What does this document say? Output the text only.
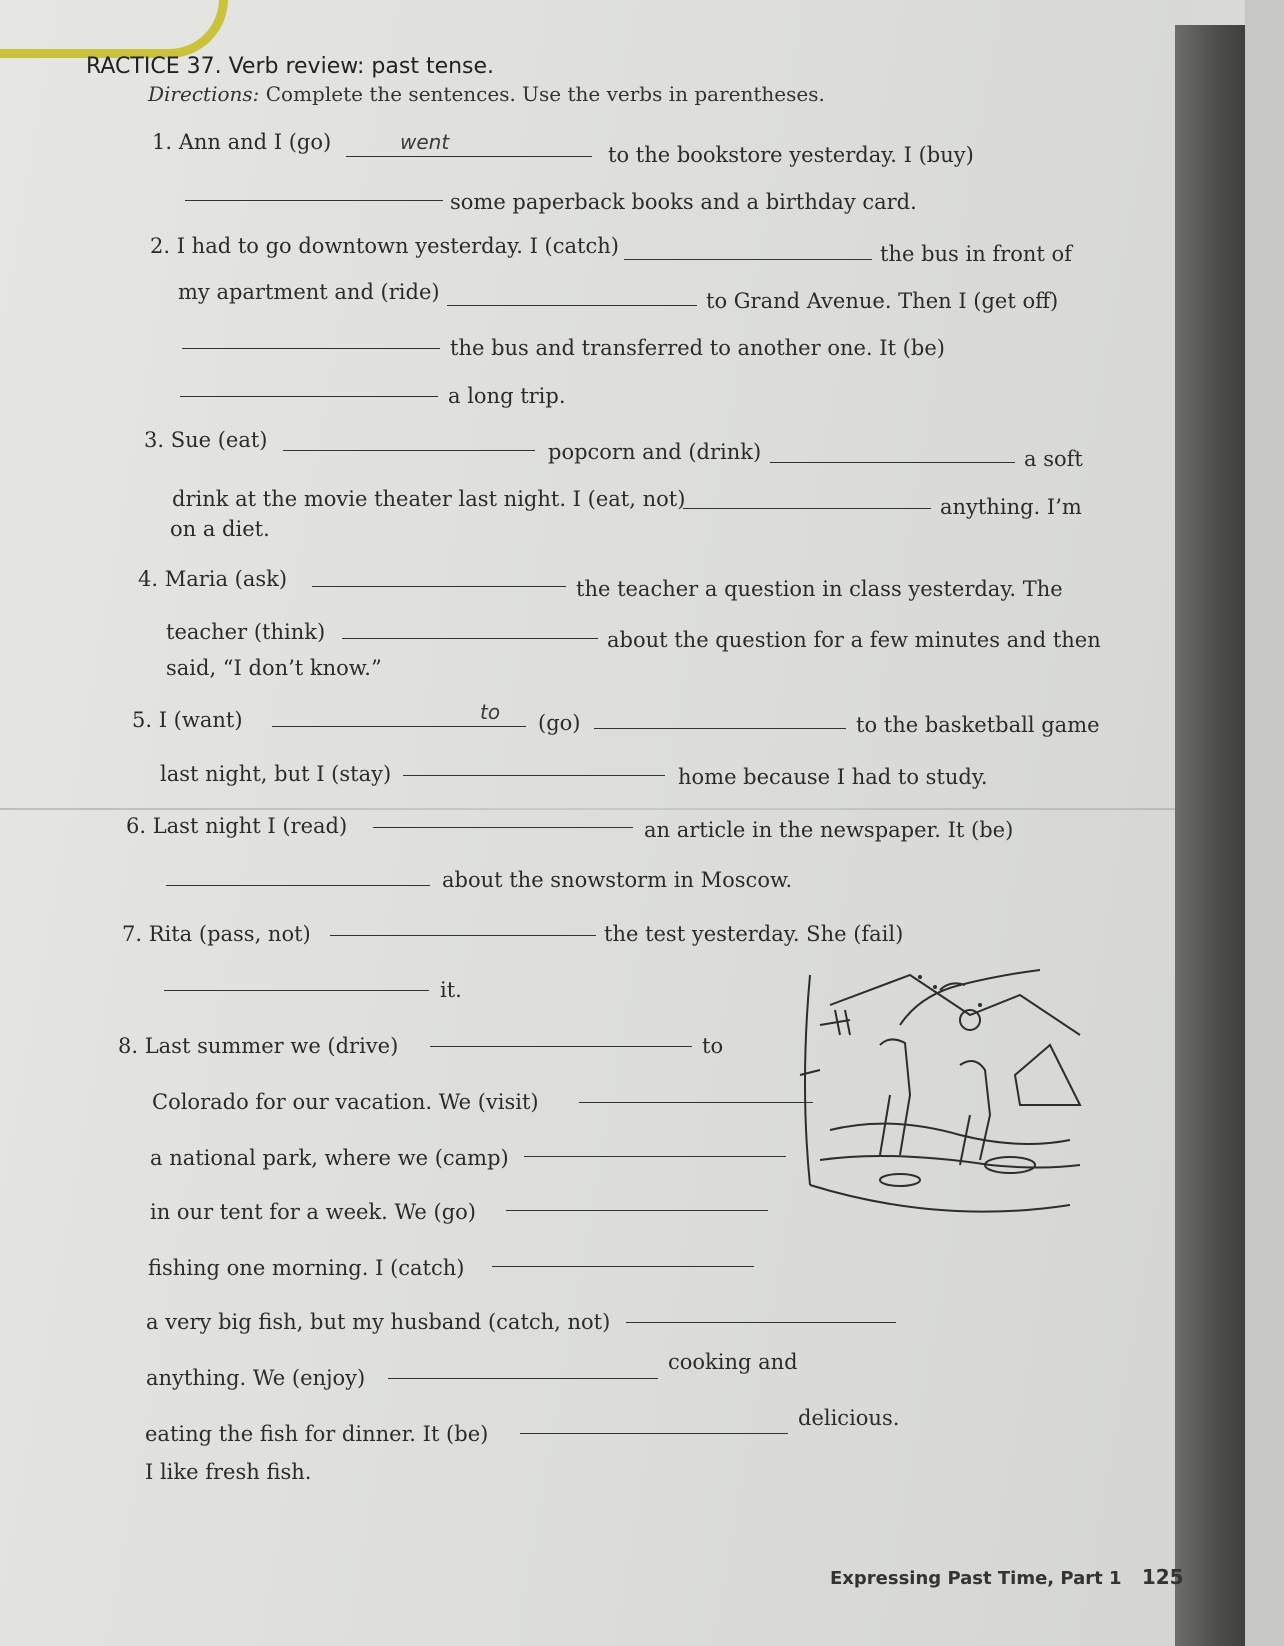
RACTICE 37. Verb review: past tense.
Directions: Complete the sentences. Use the verbs in parentheses.
1. Ann and I (go)
to the bookstore yesterday. I (buy)
some paperback books and a birthday card.
2. I had to go downtown yesterday. I (catch)	the bus in front of
my apartment and (ride)	to Grand Avenue. Then I (get off)
the bus and transferred to another one. It (be)
a long trip.
3. Sue (eat)	popcorn and (drink)	a soft
drink at the movie theater last night. I (eat, not)	anything. I’m
on a diet.
4. Maria (ask)	the teacher a question in class yesterday. The
teacher (think)	about the question for a few minutes and then
said, “I don’t know.”
5. I (want)	(go)	to the basketball game
last night, but I (stay)	home because I had to study.
6. Last night I (read)	an article in the newspaper. It (be)
about the snowstorm in Moscow.
7. Rita (pass, not)	the test yesterday. She (fail)
it.
8. Last summer we (drive)	to
Colorado for our vacation. We (visit)
a national park, where we (camp)
in our tent for a week. We (go)
fishing one morning. I (catch)
a very big fish, but my husband (catch, not)
anything. We (enjoy)
cooking and
eating the fish for dinner. It (be)
delicious.
I like fresh fish.
went
to
Expressing Past Time, Part 1 125
